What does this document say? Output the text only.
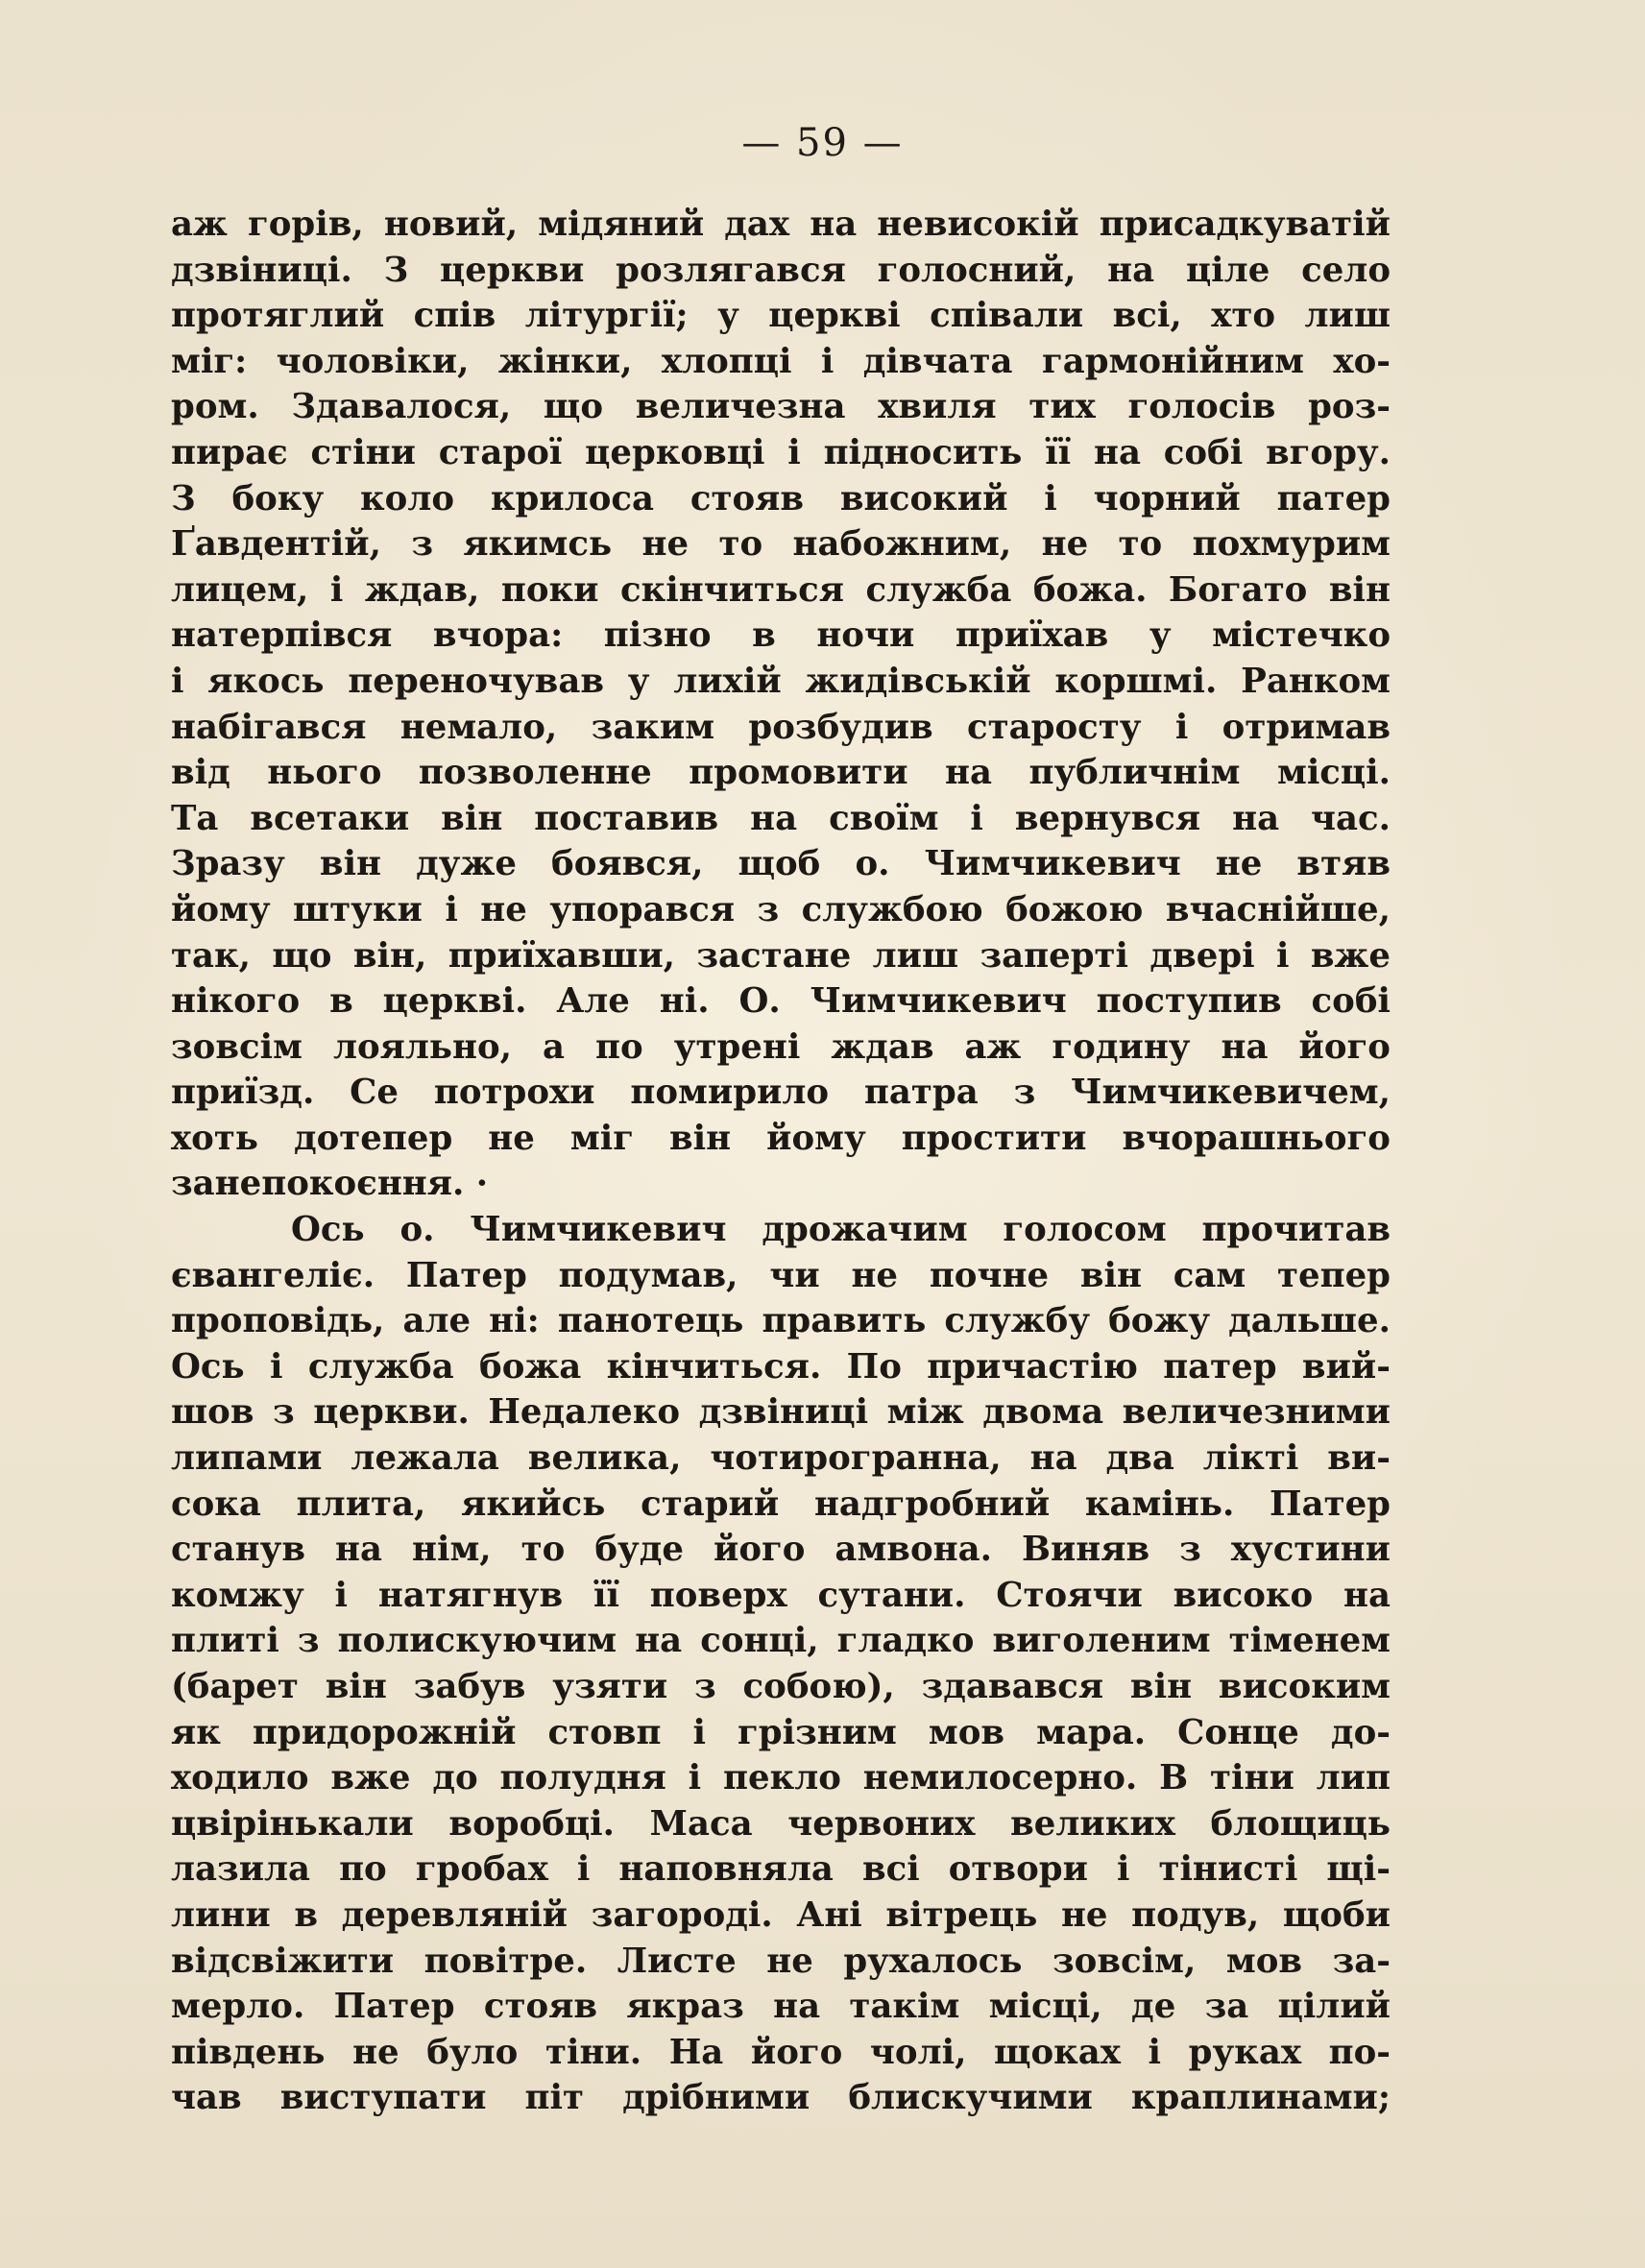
— 59 —
аж горів, новий, мідяний дах на невисокій присадкуватій
дзвіниці. З церкви розлягався голосний, на ціле село
протяглий спів літургії; у церкві співали всі, хто лиш
міг: чоловіки, жінки, хлопці і дівчата гармонійним хо-
ром. Здавалося, що величезна хвиля тих голосів роз-
пирає стіни старої церковці і підносить її на собі вгору.
З боку коло крилоса стояв високий і чорний патер
Ґавдентій, з якимсь не то набожним, не то похмурим
лицем, і ждав, поки скінчиться служба божа. Богато він
натерпівся вчора: пізно в ночи приїхав у містечко
і якось переночував у лихій жидівській коршмі. Ранком
набігався немало, заким розбудив старосту і отримав
від нього позволенне промовити на публичнім місці.
Та всетаки він поставив на своїм і вернувся на час.
Зразу він дуже боявся, щоб о. Чимчикевич не втяв
йому штуки і не упорався з службою божою вчаснійше,
так, що він, приїхавши, застане лиш заперті двері і вже
нікого в церкві. Але ні. О. Чимчикевич поступив собі
зовсім лояльно, а по утрені ждав аж годину на його
приїзд. Се потрохи помирило патра з Чимчикевичем,
хоть дотепер не міг він йому простити вчорашнього
занепокоєння. ·
Ось о. Чимчикевич дрожачим голосом прочитав
євангеліє. Патер подумав, чи не почне він сам тепер
проповідь, але ні: панотець править службу божу дальше.
Ось і служба божа кінчиться. По причастію патер вий-
шов з церкви. Недалеко дзвіниці між двома величезними
липами лежала велика, чотирогранна, на два лікті ви-
сока плита, якийсь старий надгробний камінь. Патер
станув на нім, то буде його амвона. Виняв з хустини
комжу і натягнув її поверх сутани. Стоячи високо на
плиті з полискуючим на сонці, гладко виголеним тіменем
(барет він забув узяти з собою), здавався він високим
як придорожній стовп і грізним мов мара. Сонце до-
ходило вже до полудня і пекло немилосерно. В тіни лип
цвірінькали воробці. Маса червоних великих блощиць
лазила по гробах і наповняла всі отвори і тінисті щі-
лини в деревляній загороді. Ані вітрець не подув, щоби
відсвіжити повітре. Листе не рухалось зовсім, мов за-
мерло. Патер стояв якраз на такім місці, де за цілий
південь не було тіни. На його чолі, щоках і руках по-
чав виступати піт дрібними блискучими краплинами;
